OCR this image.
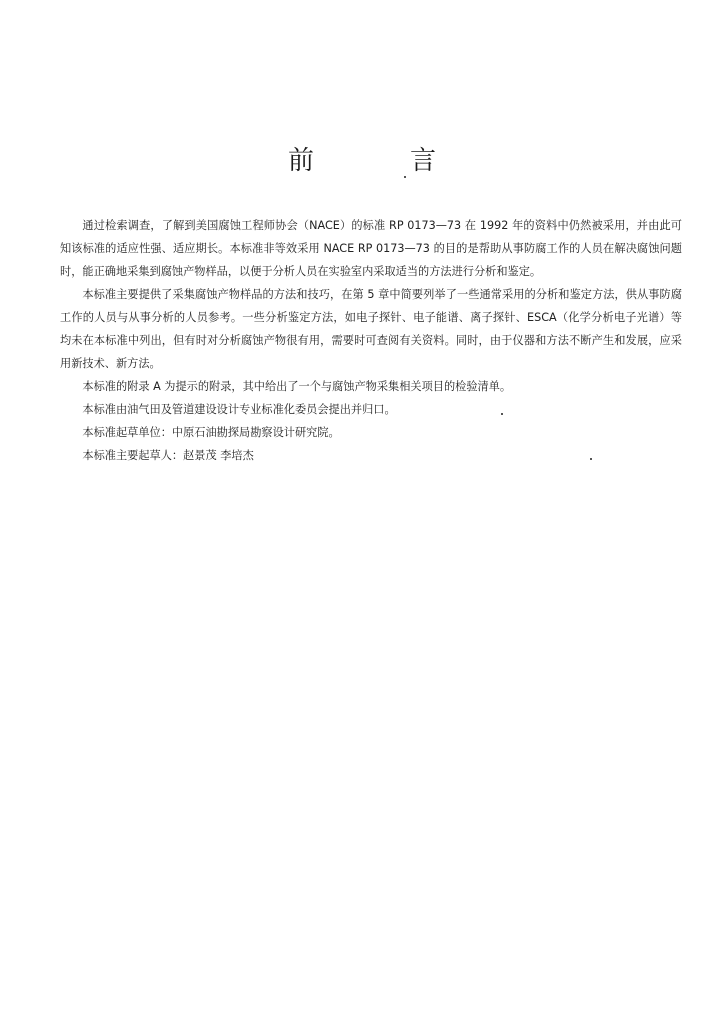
前	言

通过检索调查，了解到美国腐蚀工程师协会（NACE）的标准 RP 0173—73 在 1992 年的资料中仍然被采用，并由此可知该标准的适应性强、适应期长。本标准非等效采用 NACE RP 0173—73 的目的是帮助从事防腐工作的人员在解决腐蚀问题时，能正确地采集到腐蚀产物样品，以便于分析人员在实验室内采取适当的方法进行分析和鉴定。

本标准主要提供了采集腐蚀产物样品的方法和技巧，在第 5 章中简要列举了一些通常采用的分析和鉴定方法，供从事防腐工作的人员与从事分析的人员参考。一些分析鉴定方法，如电子探针、电子能谱、离子探针、ESCA（化学分析电子光谱）等均未在本标准中列出，但有时对分析腐蚀产物很有用，需要时可查阅有关资料。同时，由于仪器和方法不断产生和发展，应采用新技术、新方法。

本标准的附录 A 为提示的附录，其中给出了一个与腐蚀产物采集相关项目的检验清单。

本标准由油气田及管道建设设计专业标准化委员会提出并归口。

本标准起草单位：中原石油勘探局勘察设计研究院。

本标准主要起草人：赵景茂 李培杰
